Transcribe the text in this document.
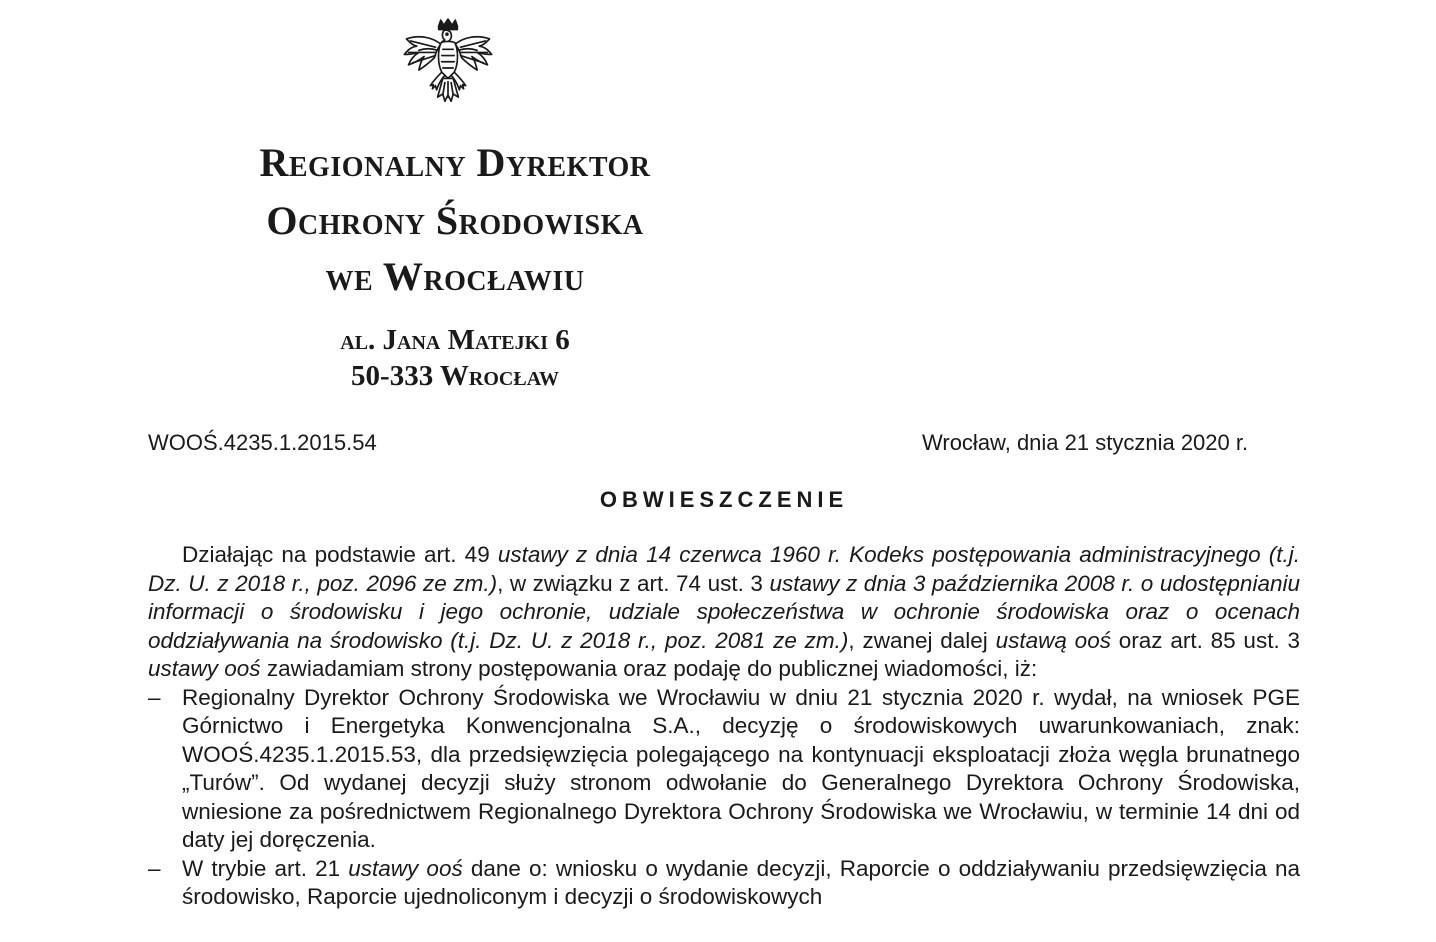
Regionalny Dyrektor
Ochrony Środowiska
we Wrocławiu
al. Jana Matejki 6
50-333 Wrocław
WOOŚ.4235.1.2015.54	Wrocław, dnia 21 stycznia 2020 r.
OBWIESZCZENIE

Działając na podstawie art. 49 ustawy z dnia 14 czerwca 1960 r. Kodeks postępowania administracyjnego (t.j. Dz. U. z 2018 r., poz. 2096 ze zm.), w związku z art. 74 ust. 3 ustawy z dnia 3 października 2008 r. o udostępnianiu informacji o środowisku i jego ochronie, udziale społeczeństwa w ochronie środowiska oraz o ocenach oddziaływania na środowisko (t.j. Dz. U. z 2018 r., poz. 2081 ze zm.), zwanej dalej ustawą ooś oraz art. 85 ust. 3 ustawy ooś zawiadamiam strony postępowania oraz podaję do publicznej wiadomości, iż:

– Regionalny Dyrektor Ochrony Środowiska we Wrocławiu w dniu 21 stycznia 2020 r. wydał, na wniosek PGE Górnictwo i Energetyka Konwencjonalna S.A., decyzję o środowiskowych uwarunkowaniach, znak: WOOŚ.4235.1.2015.53, dla przedsięwzięcia polegającego na kontynuacji eksploatacji złoża węgla brunatnego „Turów”. Od wydanej decyzji służy stronom odwołanie do Generalnego Dyrektora Ochrony Środowiska, wniesione za pośrednictwem Regionalnego Dyrektora Ochrony Środowiska we Wrocławiu, w terminie 14 dni od daty jej doręczenia.
– W trybie art. 21 ustawy ooś dane o: wniosku o wydanie decyzji, Raporcie o oddziaływaniu przedsięwzięcia na środowisko, Raporcie ujednoliconym i decyzji o środowiskowych
